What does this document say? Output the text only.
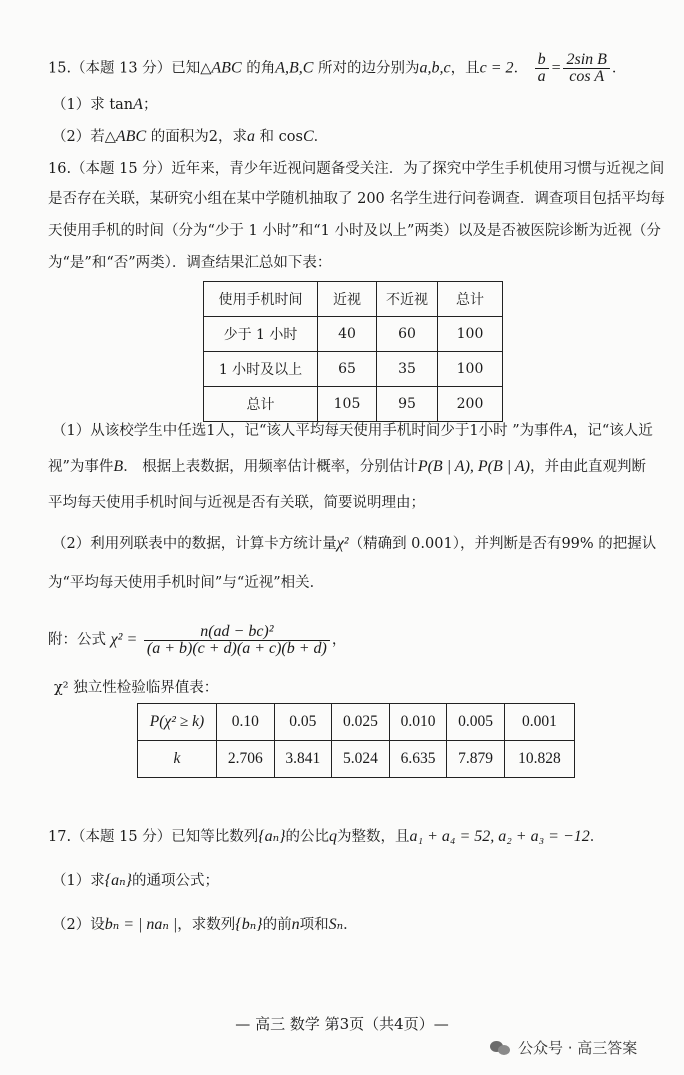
15.（本题 13 分）已知△ABC 的角A,B,C 所对的边分别为a,b,c，且c = 2． $\frac{b}{a} = \frac{\text{2sin B}}{\text{cos A}}$ ．
（1）求 tanA；
（2）若△ABC 的面积为2，求a 和 cosC．
16.（本题 15 分）近年来，青少年近视问题备受关注．为了探究中学生手机使用习惯与近视之间
是否存在关联，某研究小组在某中学随机抽取了 200 名学生进行问卷调查．调查项目包括平均每
天使用手机的时间（分为“少于 1 小时”和“1 小时及以上”两类）以及是否被医院诊断为近视（分
为“是”和“否”两类）．调查结果汇总如下表：
使用手机时间	近视	不近视	总计
少于 1 小时	40	60	100
1 小时及以上	65	35	100
总计	105	95	200
（1）从该校学生中任选1人，记“该人平均每天使用手机时间少于1小时 ”为事件A，记“该人近
视”为事件B． 根据上表数据，用频率估计概率，分别估计P(B | A), P(B | A)，并由此直观判断
平均每天使用手机时间与近视是否有关联，简要说明理由；
（2）利用列联表中的数据，计算卡方统计量χ²（精确到 0.001），并判断是否有99% 的把握认
为“平均每天使用手机时间”与“近视”相关．
附：公式 $\chi^2 = \frac{\text{n(ad − bc)²}}{(a + b)(c + d)(a + c)(b + d)}$ ，
χ² 独立性检验临界值表：
P(χ² ≥ k)	0.10	0.05	0.025	0.010	0.005	0.001
k	2.706	3.841	5.024	6.635	7.879	10.828
17.（本题 15 分）已知等比数列{aₙ}的公比q为整数，且a₁ + a₄ = 52, a₂ + a₃ = −12．
（1）求{aₙ}的通项公式；
（2）设bₙ = | naₙ |，求数列{bₙ}的前n项和Sₙ．
— 高三 数学 第3页（共4页）—
公众号 · 高三答案
